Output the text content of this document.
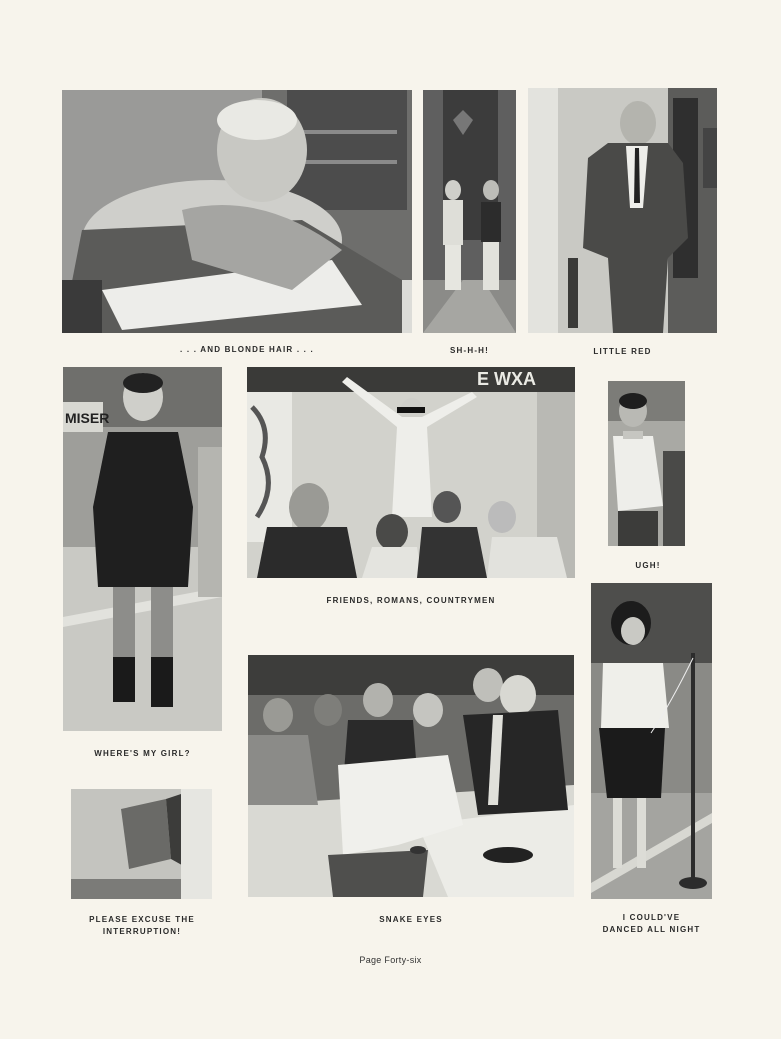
. . . AND BLONDE HAIR . . .	SH-H-H!	LITTLE RED
MISER
WHERE'S MY GIRL?
E WXA
FRIENDS, ROMANS, COUNTRYMEN
UGH!
I COULD'VE
DANCED ALL NIGHT
PLEASE EXCUSE THE
INTERRUPTION!
SNAKE EYES
Page Forty-six
